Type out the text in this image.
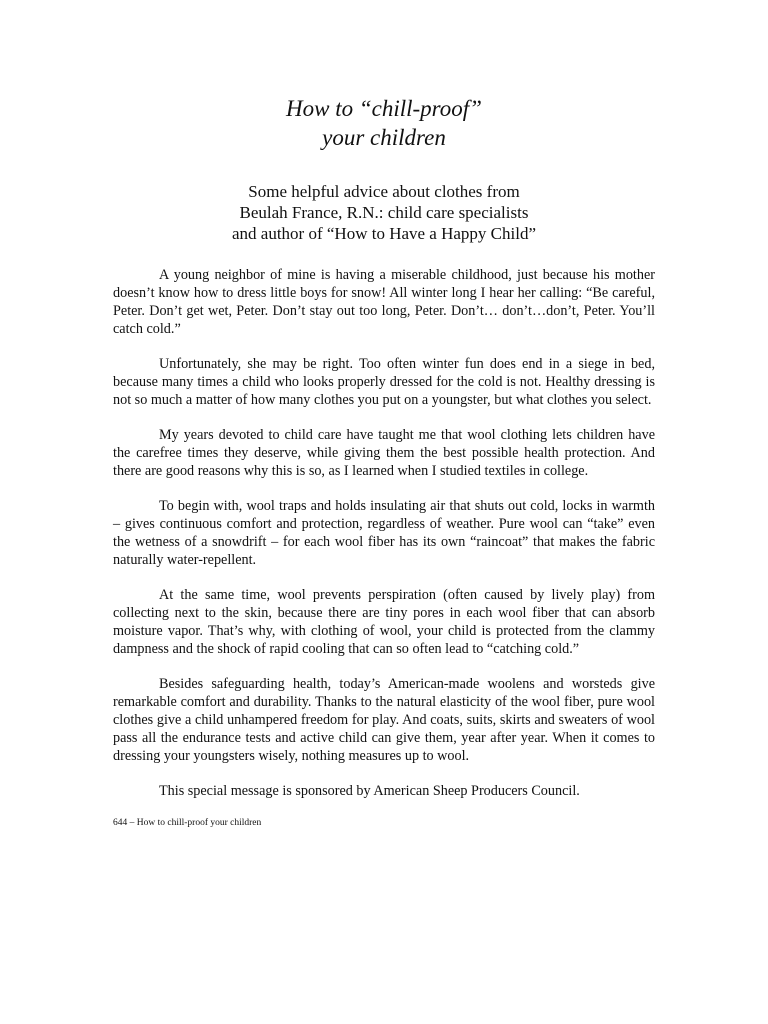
How to “chill-proof”
your children

Some helpful advice about clothes from
Beulah France, R.N.: child care specialists
and author of “How to Have a Happy Child”

A young neighbor of mine is having a miserable childhood, just because his mother doesn’t know how to dress little boys for snow! All winter long I hear her calling: “Be careful, Peter. Don’t get wet, Peter. Don’t stay out too long, Peter. Don’t… don’t…don’t, Peter. You’ll catch cold.”

Unfortunately, she may be right. Too often winter fun does end in a siege in bed, because many times a child who looks properly dressed for the cold is not. Healthy dressing is not so much a matter of how many clothes you put on a youngster, but what clothes you select.

My years devoted to child care have taught me that wool clothing lets children have the carefree times they deserve, while giving them the best possible health protection. And there are good reasons why this is so, as I learned when I studied textiles in college.

To begin with, wool traps and holds insulating air that shuts out cold, locks in warmth – gives continuous comfort and protection, regardless of weather. Pure wool can “take” even the wetness of a snowdrift – for each wool fiber has its own “raincoat” that makes the fabric naturally water-repellent.

At the same time, wool prevents perspiration (often caused by lively play) from collecting next to the skin, because there are tiny pores in each wool fiber that can absorb moisture vapor. That’s why, with clothing of wool, your child is protected from the clammy dampness and the shock of rapid cooling that can so often lead to “catching cold.”

Besides safeguarding health, today’s American-made woolens and worsteds give remarkable comfort and durability. Thanks to the natural elasticity of the wool fiber, pure wool clothes give a child unhampered freedom for play. And coats, suits, skirts and sweaters of wool pass all the endurance tests and active child can give them, year after year. When it comes to dressing your youngsters wisely, nothing measures up to wool.

This special message is sponsored by American Sheep Producers Council.

644 – How to chill-proof your children
